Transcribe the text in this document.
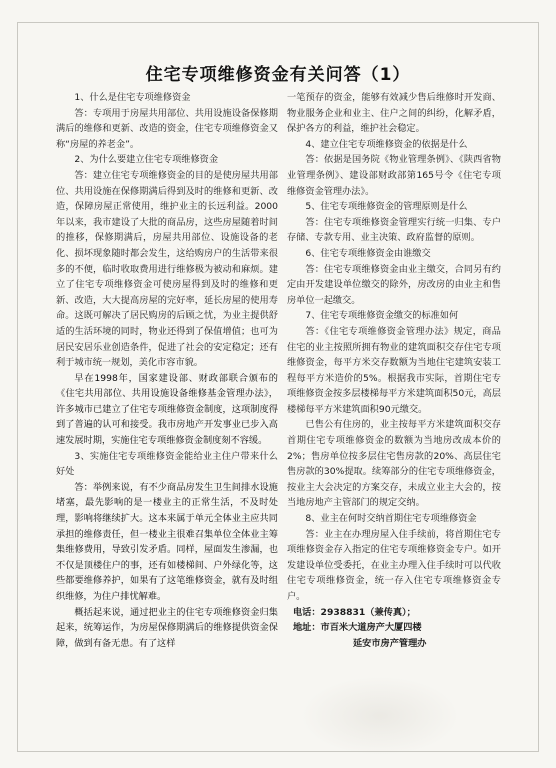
住宅专项维修资金有关问答（1）

1、什么是住宅专项维修资金

答：专项用于房屋共用部位、共用设施设备保修期满后的维修和更新、改造的资金，住宅专项维修资金又称“房屋的养老金”。

2、为什么要建立住宅专项维修资金

答：建立住宅专项维修资金的目的是使房屋共用部位、共用设施在保修期满后得到及时的维修和更新、改造，保障房屋正常使用，维护业主的长远利益。2000年以来，我市建设了大批的商品房，这些房屋随着时间的推移，保修期满后，房屋共用部位、设施设备的老化、损坏现象随时都会发生，这给购房户的生活带来很多的不便，临时收取费用进行维修极为被动和麻烦。建立了住宅专项维修资金可使房屋得到及时的维修和更新、改造，大大提高房屋的完好率，延长房屋的使用寿命。这既可解决了居民购房的后顾之忧，为业主提供舒适的生活环境的同时，物业还得到了保值增值；也可为居民安居乐业创造条件，促进了社会的安定稳定；还有利于城市统一规划，美化市容市貌。

早在1998年，国家建设部、财政部联合颁布的《住宅共用部位、共用设施设备维修基金管理办法》，许多城市已建立了住宅专项维修资金制度，这项制度得到了普遍的认可和接受。我市房地产开发事业已步入高速发展时期，实施住宅专项维修资金制度刻不容缓。

3、实施住宅专项维修资金能给业主住户带来什么好处

答：举例来说，有不少商品房发生卫生间排水设施堵塞，最先影响的是一楼业主的正常生活，不及时处理，影响将继续扩大。这本来属于单元全体业主应共同承担的维修责任，但一楼业主很难召集单位全体业主筹集维修费用，导致引发矛盾。同样，屋面发生渗漏，也不仅是顶楼住户的事，还有如楼梯间、户外绿化等，这些都要维修养护，如果有了这笔维修资金，就有及时组织维修，为住户排忧解难。

概括起来说，通过把业主的住宅专项维修资金归集起来，统筹运作，为房屋保修期满后的维修提供资金保障，做到有备无患。有了这样

一笔预存的资金，能够有效减少售后维修时开发商、物业服务企业和业主、住户之间的纠纷，化解矛盾，保护各方的利益，维护社会稳定。

4、建立住宅专项维修资金的依据是什么

答：依据是国务院《物业管理条例》、《陕西省物业管理条例》、建设部财政部第165号令《住宅专项维修资金管理办法》。

5、住宅专项维修资金的管理原则是什么

答：住宅专项维修资金管理实行统一归集、专户存储、专款专用、业主决策、政府监督的原则。

6、住宅专项维修资金由谁缴交

答：住宅专项维修资金由业主缴交，合同另有约定由开发建设单位缴交的除外，房改房的由业主和售房单位一起缴交。

7、住宅专项维修资金缴交的标准如何

答：《住宅专项维修资金管理办法》规定，商品住宅的业主按照所拥有物业的建筑面积交存住宅专项维修资金，每平方米交存数额为当地住宅建筑安装工程每平方米造价的5%。根据我市实际，首期住宅专项维修资金按多层楼梯每平方米建筑面积50元，高层楼梯每平方米建筑面积90元缴交。

已售公有住房的，业主按每平方米建筑面积交存首期住宅专项维修资金的数额为当地房改成本价的2%；售房单位按多层住宅售房款的20%、高层住宅售房款的30%提取。续筹部分的住宅专项维修资金，按业主大会决定的方案交存，未成立业主大会的，按当地房地产主管部门的规定交纳。

8、业主在何时交纳首期住宅专项维修资金

答：业主在办理房屋入住手续前，将首期住宅专项维修资金存入指定的住宅专项维修资金专户。如开发建设单位受委托，在业主办理入住手续时可以代收住宅专项维修资金，统一存入住宅专项维修资金专户。

电话：2938831（兼传真）；

地址：市百米大道房产大厦四楼

延安市房产管理办
